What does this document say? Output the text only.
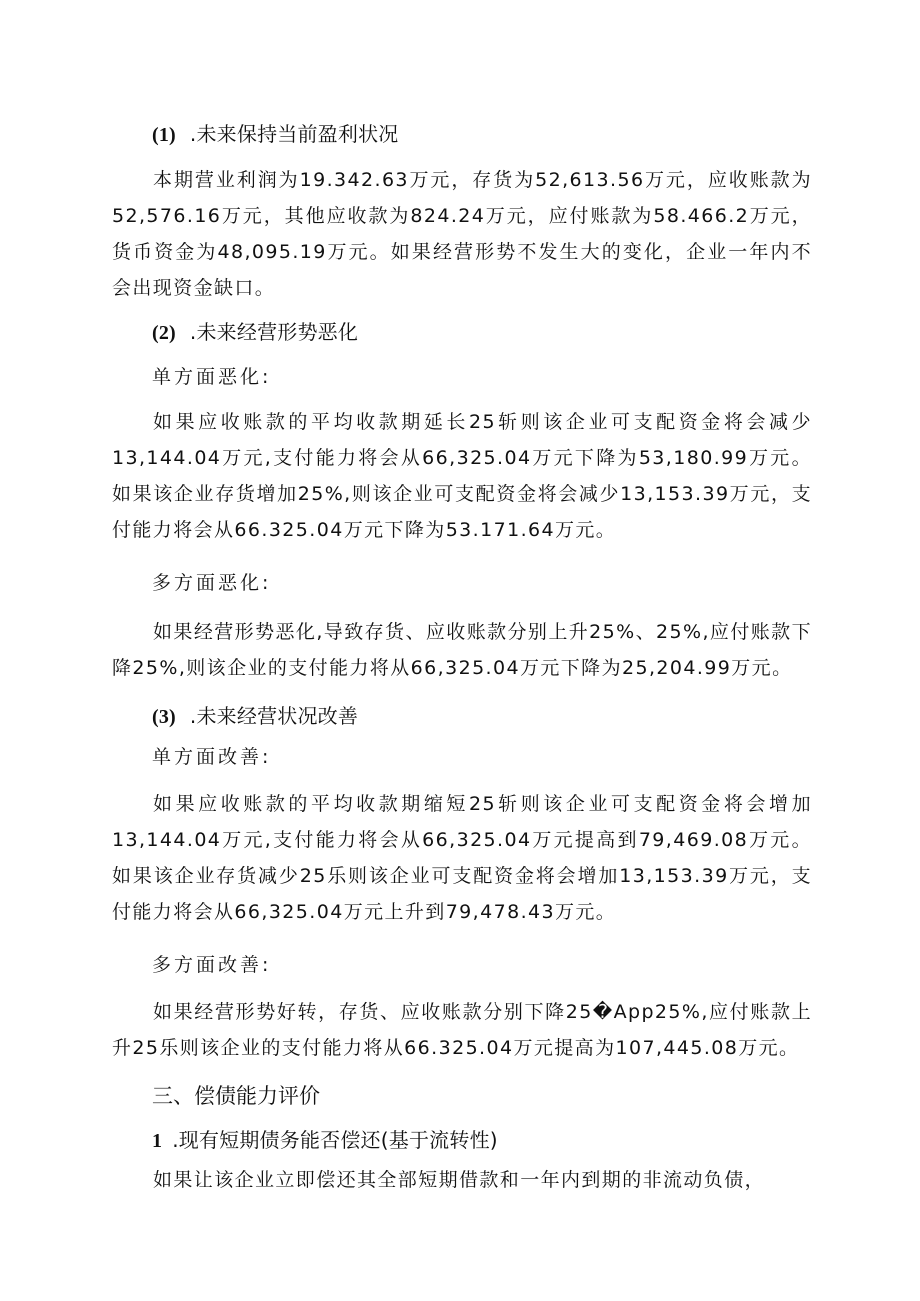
(1) .未来保持当前盈利状况

本期营业利润为19.342.63万元，存货为52,613.56万元，应收账款为52,576.16万元，其他应收款为824.24万元，应付账款为58.466.2万元，货币资金为48,095.19万元。如果经营形势不发生大的变化，企业一年内不会出现资金缺口。

(2) .未来经营形势恶化
单方面恶化:

如果应收账款的平均收款期延长25斩则该企业可支配资金将会减少13,144.04万元,支付能力将会从66,325.04万元下降为53,180.99万元。如果该企业存货增加25%,则该企业可支配资金将会减少13,153.39万元，支付能力将会从66.325.04万元下降为53.171.64万元。

多方面恶化:

如果经营形势恶化,导致存货、应收账款分别上升25%、25%,应付账款下降25%,则该企业的支付能力将从66,325.04万元下降为25,204.99万元。

(3) .未来经营状况改善
单方面改善:

如果应收账款的平均收款期缩短25斩则该企业可支配资金将会增加13,144.04万元,支付能力将会从66,325.04万元提高到79,469.08万元。如果该企业存货减少25乐则该企业可支配资金将会增加13,153.39万元，支付能力将会从66,325.04万元上升到79,478.43万元。

多方面改善:

如果经营形势好转，存货、应收账款分别下降25�App25%,应付账款上升25乐则该企业的支付能力将从66.325.04万元提高为107,445.08万元。

三、偿债能力评价
1 .现有短期债务能否偿还(基于流转性)

如果让该企业立即偿还其全部短期借款和一年内到期的非流动负债，
